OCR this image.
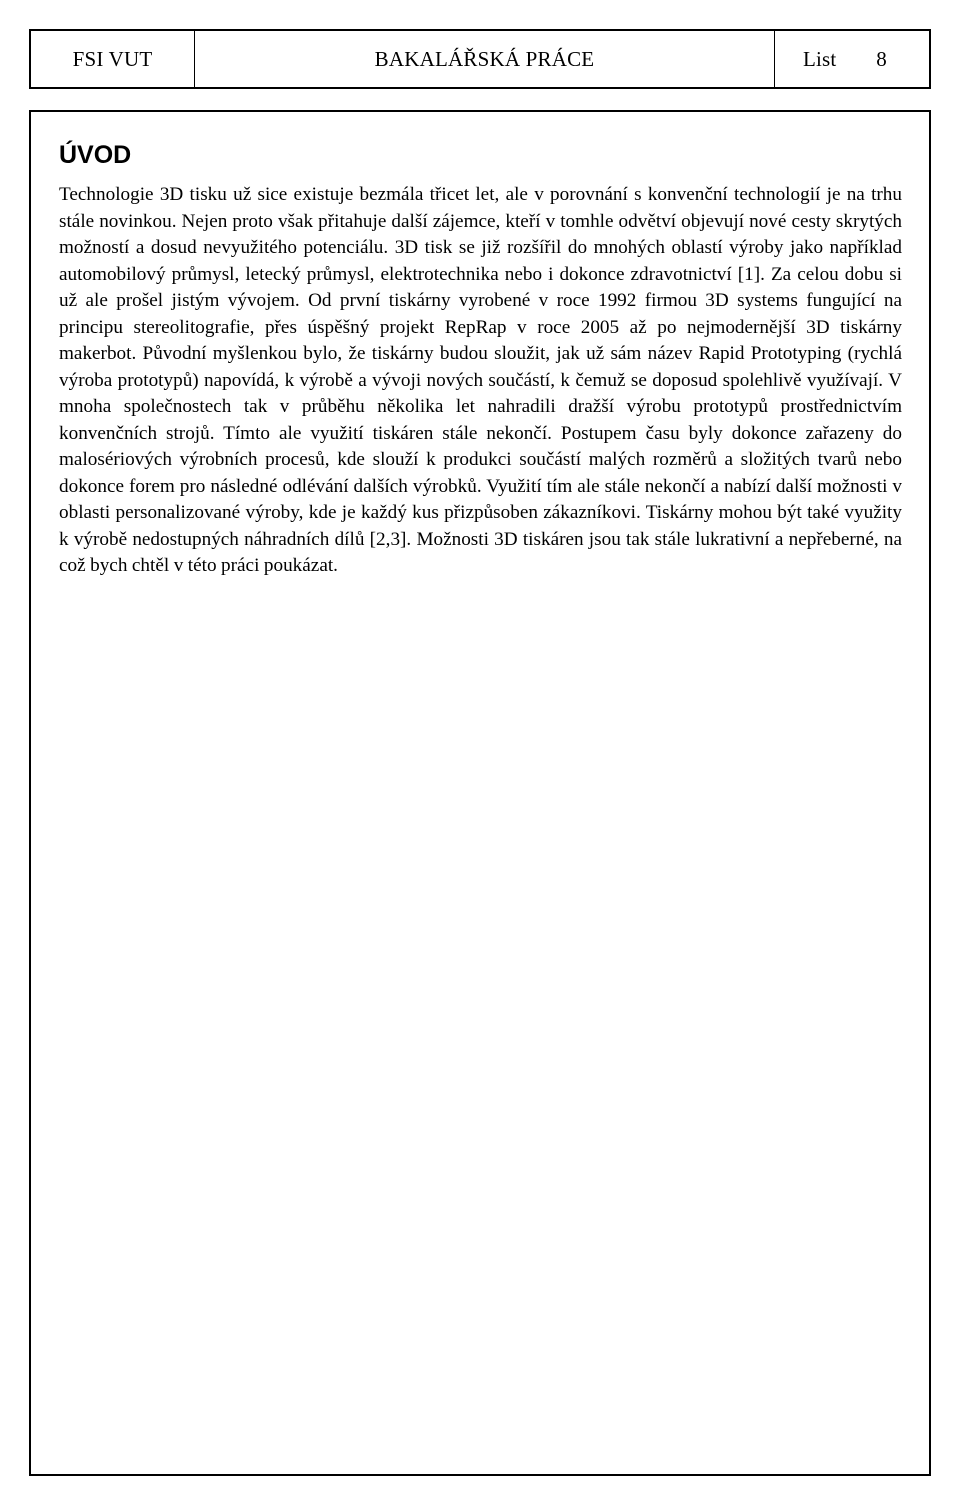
FSI VUT	BAKALÁŘSKÁ PRÁCE	List 8
ÚVOD

Technologie 3D tisku už sice existuje bezmála třicet let, ale v porovnání s konvenční technologií je na trhu stále novinkou. Nejen proto však přitahuje další zájemce, kteří v tomhle odvětví objevují nové cesty skrytých možností a dosud nevyužitého potenciálu. 3D tisk se již rozšířil do mnohých oblastí výroby jako například automobilový průmysl, letecký průmysl, elektrotechnika nebo i dokonce zdravotnictví [1]. Za celou dobu si už ale prošel jistým vývojem. Od první tiskárny vyrobené v roce 1992 firmou 3D systems fungující na principu stereolitografie, přes úspěšný projekt RepRap v roce 2005 až po nejmodernější 3D tiskárny makerbot. Původní myšlenkou bylo, že tiskárny budou sloužit, jak už sám název Rapid Prototyping (rychlá výroba prototypů) napovídá, k výrobě a vývoji nových součástí, k čemuž se doposud spolehlivě využívají. V mnoha společnostech tak v průběhu několika let nahradili dražší výrobu prototypů prostřednictvím konvenčních strojů. Tímto ale využití tiskáren stále nekončí. Postupem času byly dokonce zařazeny do malosériových výrobních procesů, kde slouží k produkci součástí malých rozměrů a složitých tvarů nebo dokonce forem pro následné odlévání dalších výrobků. Využití tím ale stále nekončí a nabízí další možnosti v oblasti personalizované výroby, kde je každý kus přizpůsoben zákazníkovi. Tiskárny mohou být také využity k výrobě nedostupných náhradních dílů [2,3]. Možnosti 3D tiskáren jsou tak stále lukrativní a nepřeberné, na což bych chtěl v této práci poukázat.
